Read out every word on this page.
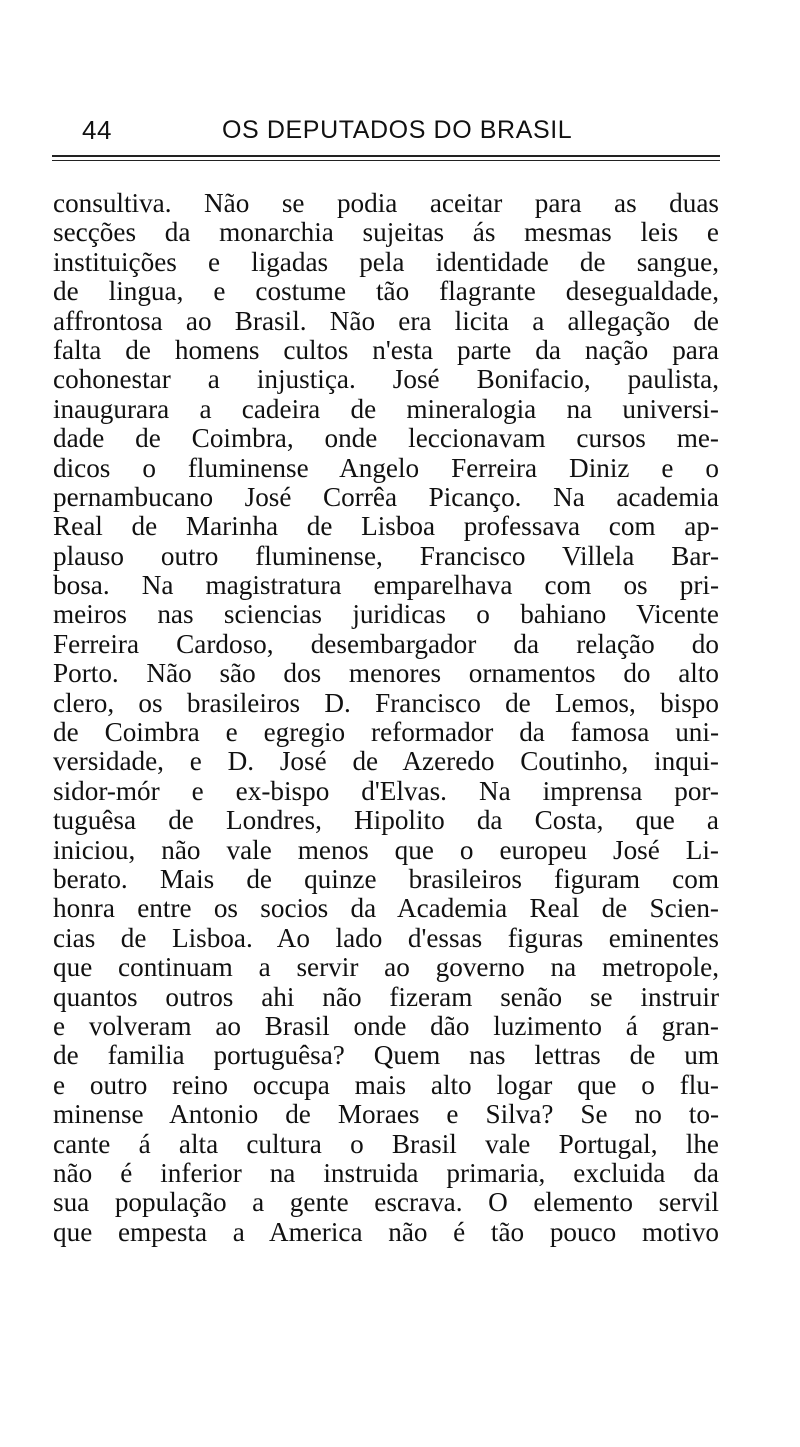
44	OS DEPUTADOS DO BRASIL
consultiva. Não se podia aceitar para as duas
secções da monarchia sujeitas ás mesmas leis e
instituições e ligadas pela identidade de sangue,
de lingua, e costume tão flagrante desegualdade,
affrontosa ao Brasil. Não era licita a allegação de
falta de homens cultos n'esta parte da nação para
cohonestar a injustiça. José Bonifacio, paulista,
inaugurara a cadeira de mineralogia na universi-
dade de Coimbra, onde leccionavam cursos me-
dicos o fluminense Angelo Ferreira Diniz e o
pernambucano José Corrêa Picanço. Na academia
Real de Marinha de Lisboa professava com ap-
plauso outro fluminense, Francisco Villela Bar-
bosa. Na magistratura emparelhava com os pri-
meiros nas sciencias juridicas o bahiano Vicente
Ferreira Cardoso, desembargador da relação do
Porto. Não são dos menores ornamentos do alto
clero, os brasileiros D. Francisco de Lemos, bispo
de Coimbra e egregio reformador da famosa uni-
versidade, e D. José de Azeredo Coutinho, inqui-
sidor-mór e ex-bispo d'Elvas. Na imprensa por-
tuguêsa de Londres, Hipolito da Costa, que a
iniciou, não vale menos que o europeu José Li-
berato. Mais de quinze brasileiros figuram com
honra entre os socios da Academia Real de Scien-
cias de Lisboa. Ao lado d'essas figuras eminentes
que continuam a servir ao governo na metropole,
quantos outros ahi não fizeram senão se instruir
e volveram ao Brasil onde dão luzimento á gran-
de familia portuguêsa? Quem nas lettras de um
e outro reino occupa mais alto logar que o flu-
minense Antonio de Moraes e Silva? Se no to-
cante á alta cultura o Brasil vale Portugal, lhe
não é inferior na instruida primaria, excluida da
sua população a gente escrava. O elemento servil
que empesta a America não é tão pouco motivo
